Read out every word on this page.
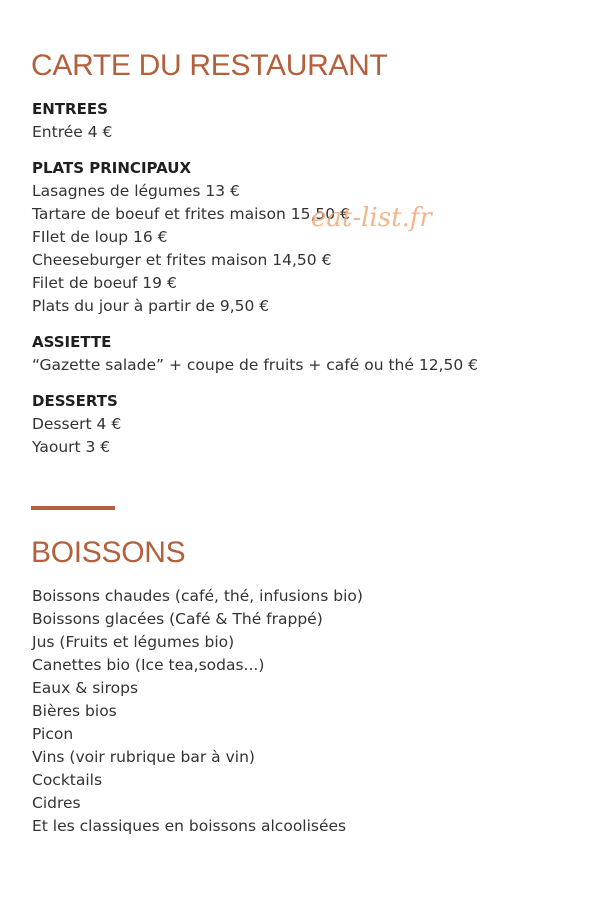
CARTE DU RESTAURANT
ENTREES
Entrée 4 €
PLATS PRINCIPAUX
Lasagnes de légumes 13 €
Tartare de boeuf et frites maison 15,50 €
FIlet de loup 16 €
Cheeseburger et frites maison 14,50 €
Filet de boeuf 19 €
Plats du jour à partir de 9,50 €
ASSIETTE
“Gazette salade” + coupe de fruits + café ou thé 12,50 €
DESSERTS
Dessert 4 €
Yaourt 3 €
BOISSONS
Boissons chaudes (café, thé, infusions bio)
Boissons glacées (Café & Thé frappé)
Jus (Fruits et légumes bio)
Canettes bio (Ice tea,sodas...)
Eaux & sirops
Bières bios
Picon
Vins (voir rubrique bar à vin)
Cocktails
Cidres
Et les classiques en boissons alcoolisées
eat-list.fr
